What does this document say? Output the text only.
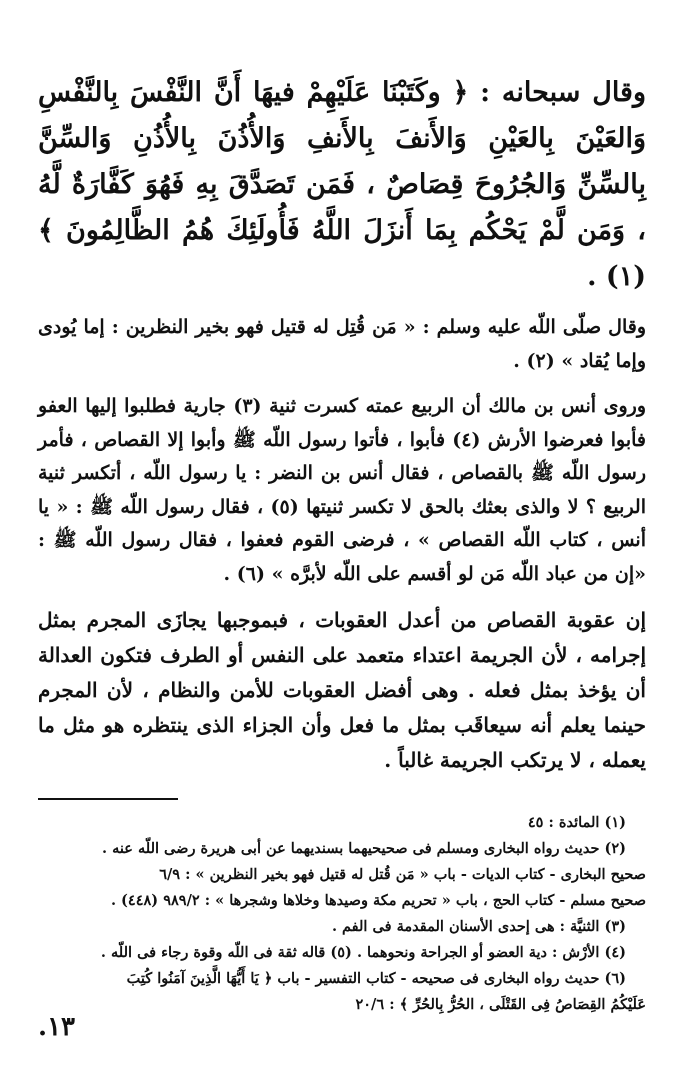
وقال سبحانه : ﴿ وكَتَبْنَا عَلَيْهِمْ فيهَا أَنَّ النَّفْسَ بِالنَّفْسِ وَالعَيْنَ بِالعَيْنِ وَالأَنفَ بِالأَنفِ وَالأُذُنَ بِالأُذُنِ وَالسِّنَّ بِالسِّنِّ وَالجُرُوحَ قِصَاصٌ ، فَمَن تَصَدَّقَ بِهِ فَهُوَ كَفَّارَةٌ لَّهُ ، وَمَن لَّمْ يَحْكُم بِمَا أَنزَلَ اللَّهُ فَأُولَئِكَ هُمُ الظَّالِمُونَ ﴾ (١) .

وقال صلّى اللّه عليه وسلم : « مَن قُتِل له قتيل فهو بخير النظرين : إما يُودى وإما يُقاد » (٢) .

وروى أنس بن مالك أن الربيع عمته كسرت ثنية (٣) جارية فطلبوا إليها العفو فأبوا فعرضوا الأرش (٤) فأبوا ، فأتوا رسول اللّه ﷺ وأبوا إلا القصاص ، فأمر رسول اللّه ﷺ بالقصاص ، فقال أنس بن النضر : يا رسول اللّه ، أتكسر ثنية الربيع ؟ لا والذى بعثك بالحق لا تكسر ثنيتها (٥) ، فقال رسول اللّه ﷺ : « يا أنس ، كتاب اللّه القصاص » ، فرضى القوم فعفوا ، فقال رسول اللّه ﷺ : «إن من عباد اللّه مَن لو أقسم على اللّه لأبرَّه » (٦) .

إن عقوبة القصاص من أعدل العقوبات ، فبموجبها يجازَى المجرم بمثل إجرامه ، لأن الجريمة اعتداء متعمد على النفس أو الطرف فتكون العدالة أن يؤخذ بمثل فعله . وهى أفضل العقوبات للأمن والنظام ، لأن المجرم حينما يعلم أنه سيعاقَب بمثل ما فعل وأن الجزاء الذى ينتظره هو مثل ما يعمله ، لا يرتكب الجريمة غالباً .

(١) المائدة : ٤٥

(٢) حديث رواه البخارى ومسلم فى صحيحيهما بسنديهما عن أبى هريرة رضى اللّه عنه .

صحيح البخارى - كتاب الديات - باب « مَن قُتل له قتيل فهو بخير النظرين » : ٦/٩

صحيح مسلم - كتاب الحج ، باب « تحريم مكة وصيدها وخلاها وشجرها » : ٩٨٩/٢ (٤٤٨) .

(٣) الثنيَّة : هى إحدى الأسنان المقدمة فى الفم .

(٤) الأرْش : دية العضو أو الجراحة ونحوهما . (٥) قاله ثقة فى اللّه وقوة رجاء فى اللّه .

(٦) حديث رواه البخارى فى صحيحه - كتاب التفسير - باب ﴿ يَا أَيُّهَا الَّذِينَ آمَنُوا كُتِبَ

عَلَيْكُمُ القِصَاصُ فِى القَتْلَى ، الحُرُّ بِالحُرِّ ﴾ : ٢٠/٦

١٣.
